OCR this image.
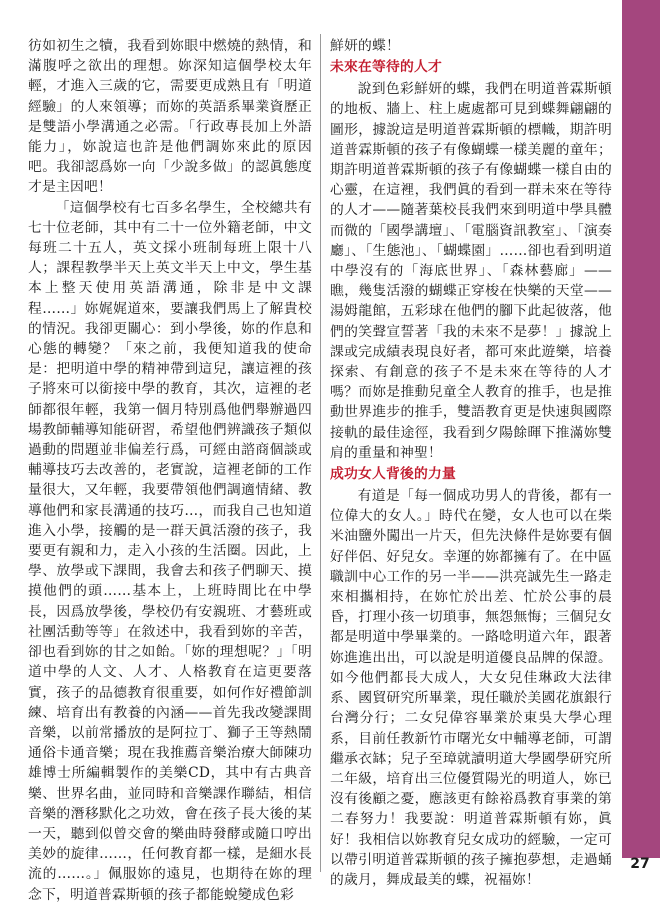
彷如初生之犢，我看到妳眼中燃燒的熱情，和滿腹呼之欲出的理想。妳深知這個學校太年輕，才進入三歲的它，需要更成熟且有「明道經驗」的人來領導；而妳的英語系畢業資歷正是雙語小學溝通之必需。「行政專長加上外語能力」，妳說這也許是他們調妳來此的原因吧。我卻認爲妳一向「少說多做」的認眞態度才是主因吧！

「這個學校有七百多名學生，全校總共有七十位老師，其中有二十一位外籍老師，中文每班二十五人，英文採小班制每班上限十八人；課程教學半天上英文半天上中文，學生基本上整天使用英語溝通，除非是中文課程……」妳娓娓道來，要讓我們馬上了解貴校的情況。我卻更關心：到小學後，妳的作息和心態的轉變？「來之前，我便知道我的使命是：把明道中學的精神帶到這兒，讓這裡的孩子將來可以銜接中學的教育，其次，這裡的老師都很年輕，我第一個月特別爲他們舉辦過四場教師輔導知能研習，希望他們辨識孩子類似過動的問題並非偏差行爲，可經由諮商個談或輔導技巧去改善的，老實說，這裡老師的工作量很大，又年輕，我要帶領他們調適情緒、教導他們和家長溝通的技巧…，而我自己也知道進入小學，接觸的是一群天眞活潑的孩子，我要更有親和力，走入小孩的生活圈。因此，上學、放學或下課間，我會去和孩子們聊天、摸摸他們的頭……基本上，上班時間比在中學長，因爲放學後，學校仍有安親班、才藝班或社團活動等等」在敘述中，我看到妳的辛苦，卻也看到妳的甘之如飴。「妳的理想呢？」「明道中學的人文、人才、人格教育在這更要落實，孩子的品德教育很重要，如何作好禮節訓練、培育出有教養的內涵——首先我改變課間音樂，以前常播放的是阿拉丁、獅子王等熱鬧通俗卡通音樂；現在我推薦音樂治療大師陳功雄博士所編輯製作的美樂CD，其中有古典音樂、世界名曲，並同時和音樂課作聯結，相信音樂的潛移默化之功效，會在孩子長大後的某一天，聽到似曾交會的樂曲時發酵或隨口哼出美妙的旋律……，任何教育都一樣，是細水長流的……。」佩服妳的遠見，也期待在妳的理念下，明道普霖斯頓的孩子都能蛻變成色彩

鮮妍的蝶！

未來在等待的人才

說到色彩鮮妍的蝶，我們在明道普霖斯頓的地板、牆上、柱上處處都可見到蝶舞翩翩的圖形，據說這是明道普霖斯頓的標幟，期許明道普霖斯頓的孩子有像蝴蝶一樣美麗的童年；期許明道普霖斯頓的孩子有像蝴蝶一樣自由的心靈，在這裡，我們眞的看到一群未來在等待的人才——隨著葉校長我們來到明道中學具體而微的「國學講壇」、「電腦資訊教室」、「演奏廳」、「生態池」、「蝴蝶園」……卻也看到明道中學沒有的「海底世界」、「森林藝廊」——瞧，幾隻活潑的蝴蝶正穿梭在快樂的天堂——湯姆龍館，五彩球在他們的腳下此起彼落，他們的笑聲宣誓著「我的未來不是夢！」據說上課或完成績表現良好者，都可來此遊樂，培養探索、有創意的孩子不是未來在等待的人才嗎？而妳是推動兒童全人教育的推手，也是推動世界進步的推手，雙語教育更是快速與國際接軌的最佳途徑，我看到夕陽餘暉下推滿妳雙肩的重量和神聖！

成功女人背後的力量

有道是「每一個成功男人的背後，都有一位偉大的女人。」時代在變，女人也可以在柴米油鹽外闖出一片天，但先決條件是妳要有個好伴侶、好兒女。幸運的妳都擁有了。在中區職訓中心工作的另一半——洪亮誠先生一路走來相攜相持，在妳忙於出差、忙於公事的晨昏，打理小孩一切瑣事，無怨無悔；三個兒女都是明道中學畢業的。一路唸明道六年，跟著妳進進出出，可以說是明道優良品牌的保證。如今他們都長大成人，大女兒佳琳政大法律系、國貿研究所畢業，現任職於美國花旗銀行台灣分行；二女兒偉容畢業於東吳大學心理系，目前任教新竹市曙光女中輔導老師，可謂繼承衣缽；兒子至璋就讀明道大學國學研究所二年級，培育出三位優質陽光的明道人，妳已沒有後顧之憂，應該更有餘裕爲教育事業的第二春努力！我要說：明道普霖斯頓有妳，眞好！我相信以妳教育兒女成功的經驗，一定可以帶引明道普霖斯頓的孩子擁抱夢想，走過蛹的歲月，舞成最美的蝶，祝福妳！

27
